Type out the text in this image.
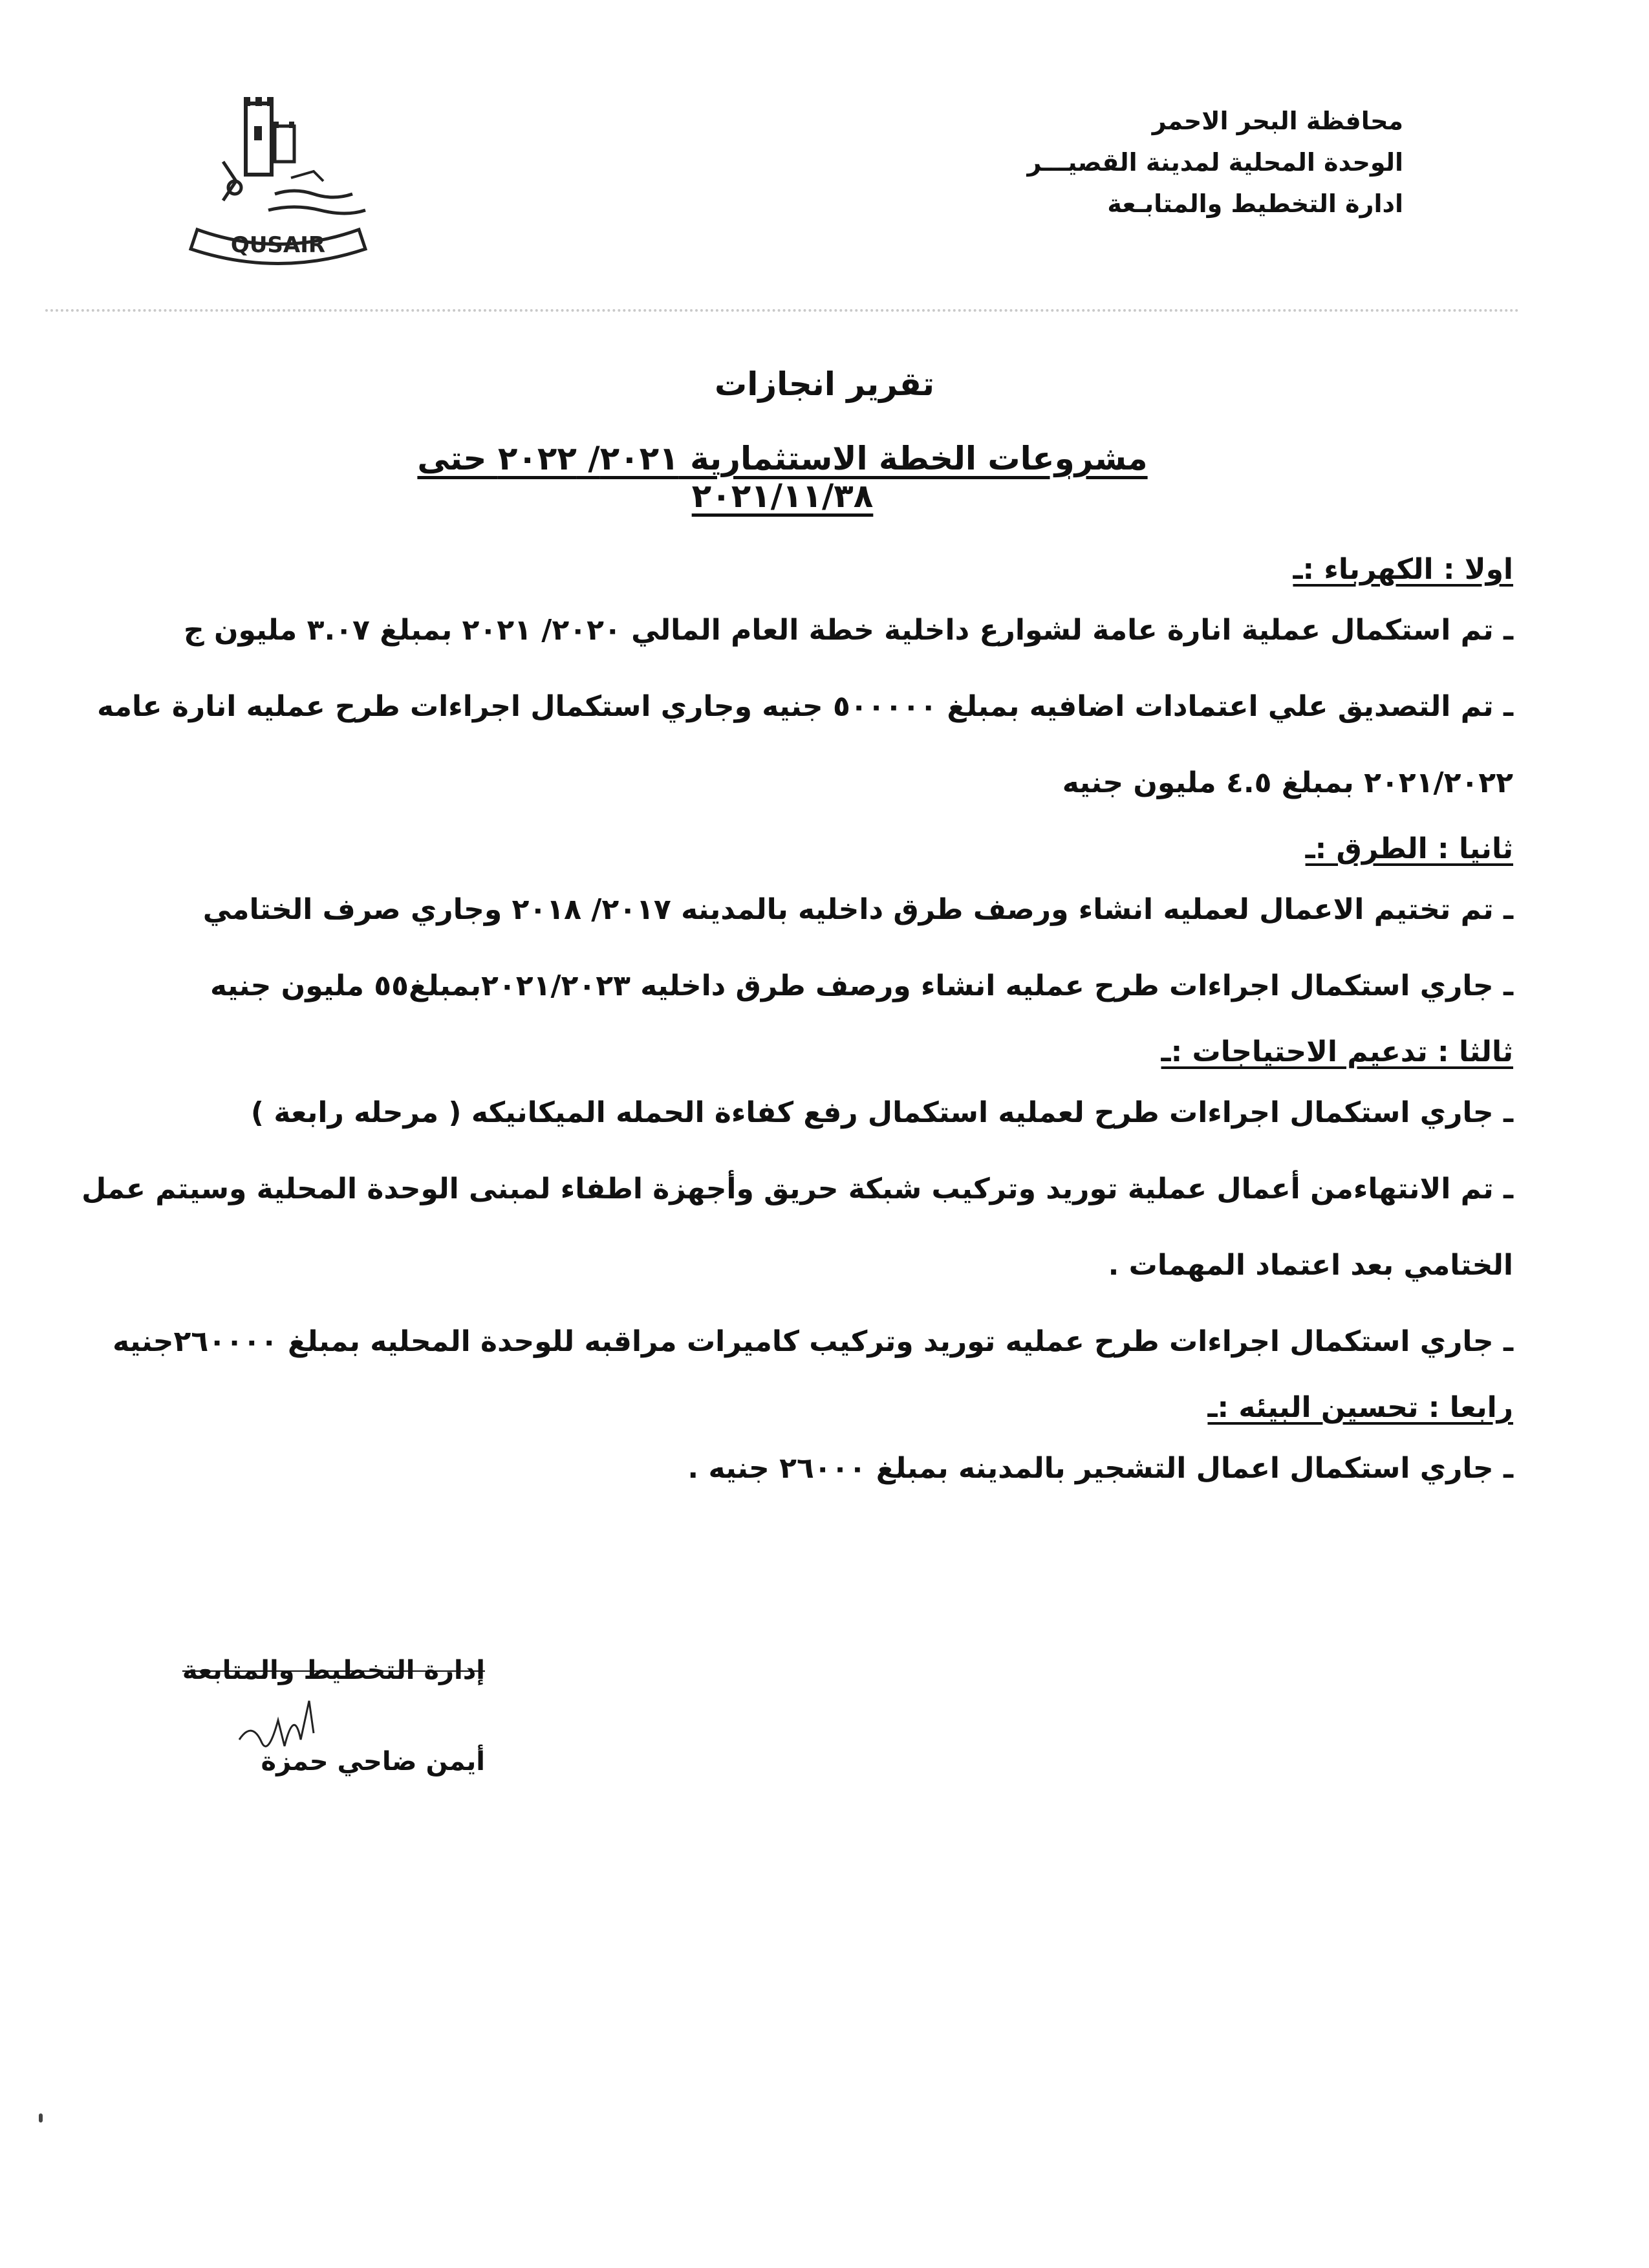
QUSAIR
محافظة البحر الاحمر
الوحدة المحلية لمدينة القصيـــر
ادارة التخطيط والمتابـعة
تقرير انجازات
مشروعات الخطة الاستثمارية ٢٠٢١/ ٢٠٢٢ حتى ٢٠٢١/١١/٣٨
اولا : الكهرباء :ـ
ـ تم استكمال عملية انارة عامة لشوارع داخلية خطة العام المالي ٢٠٢٠/ ٢٠٢١ بمبلغ ٣.٠٧ مليون ج
ـ تم التصديق علي اعتمادات اضافيه بمبلغ ٥٠٠٠٠٠ جنيه وجاري استكمال اجراءات طرح عمليه انارة عامه ٢٠٢١/٢٠٢٢ بمبلغ ٤.٥ مليون جنيه
ثانيا : الطرق :ـ
ـ تم تختيم الاعمال لعمليه انشاء ورصف طرق داخليه بالمدينه ٢٠١٧/ ٢٠١٨ وجاري صرف الختامي
ـ جاري استكمال اجراءات طرح عمليه انشاء ورصف طرق داخليه ٢٠٢١/٢٠٢٣بمبلغ٥٥ مليون جنيه
ثالثا : تدعيم الاحتياجات :ـ
ـ جاري استكمال اجراءات طرح لعمليه استكمال رفع كفاءة الحمله الميكانيكه ( مرحله رابعة )
ـ تم الانتهاءمن أعمال عملية توريد وتركيب شبكة حريق وأجهزة اطفاء لمبنى الوحدة المحلية وسيتم عمل الختامي بعد اعتماد المهمات .
ـ جاري استكمال اجراءات طرح عمليه توريد وتركيب كاميرات مراقبه للوحدة المحليه بمبلغ ٢٦٠٠٠٠جنيه
رابعا : تحسين البيئه :ـ
ـ جاري استكمال اعمال التشجير بالمدينه بمبلغ ٢٦٠٠٠ جنيه .
إدارة التخطيط والمتابعة
أيمن ضاحي حمزة
